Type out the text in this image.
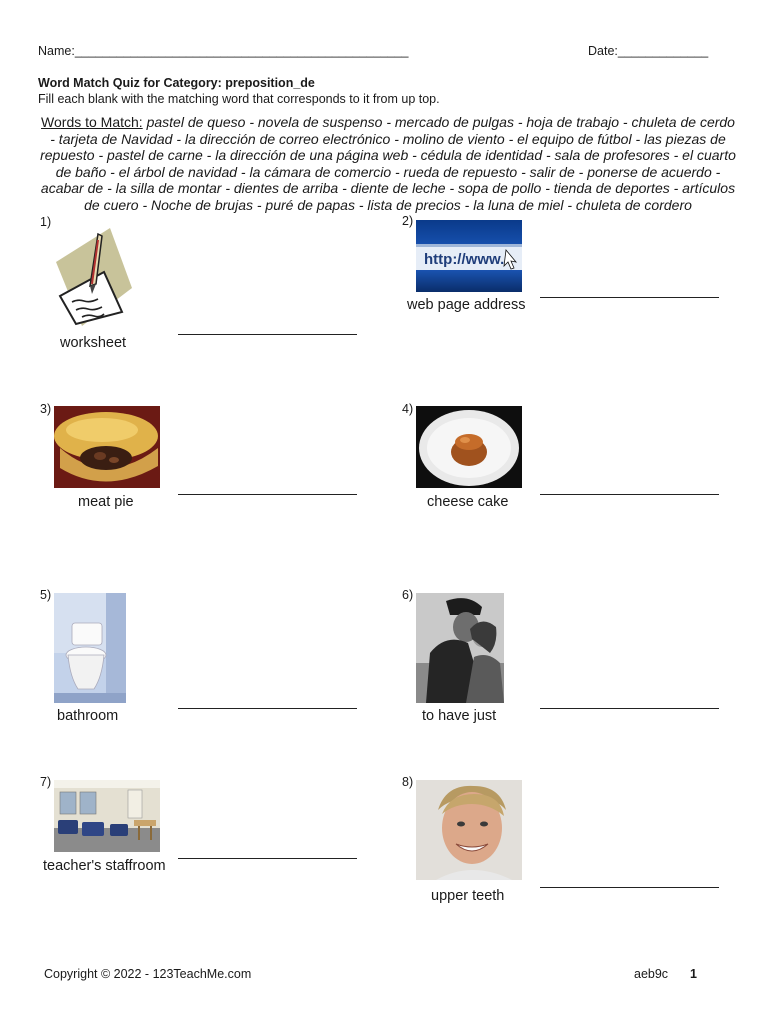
Name:________________________________________________	Date:_____________
Word Match Quiz for Category: preposition_de
Fill each blank with the matching word that corresponds to it from up top.
Words to Match: pastel de queso - novela de suspenso - mercado de pulgas - hoja de trabajo - chuleta de cerdo - tarjeta de Navidad - la dirección de correo electrónico - molino de viento - el equipo de fútbol - las piezas de repuesto - pastel de carne - la dirección de una página web - cédula de identidad - sala de profesores - el cuarto de baño - el árbol de navidad - la cámara de comercio - rueda de repuesto - salir de - ponerse de acuerdo - acabar de - la silla de montar - dientes de arriba - diente de leche - sopa de pollo - tienda de deportes - artículos de cuero - Noche de brujas - puré de papas - lista de precios - la luna de miel - chuleta de cordero
1)
worksheet
2)
http://www.
web page address
3)
meat pie
4)
cheese cake
5)
bathroom
6)
to have just
7)
teacher's staffroom
8)
upper teeth
Copyright © 2022 - 123TeachMe.com	aeb9c 1
